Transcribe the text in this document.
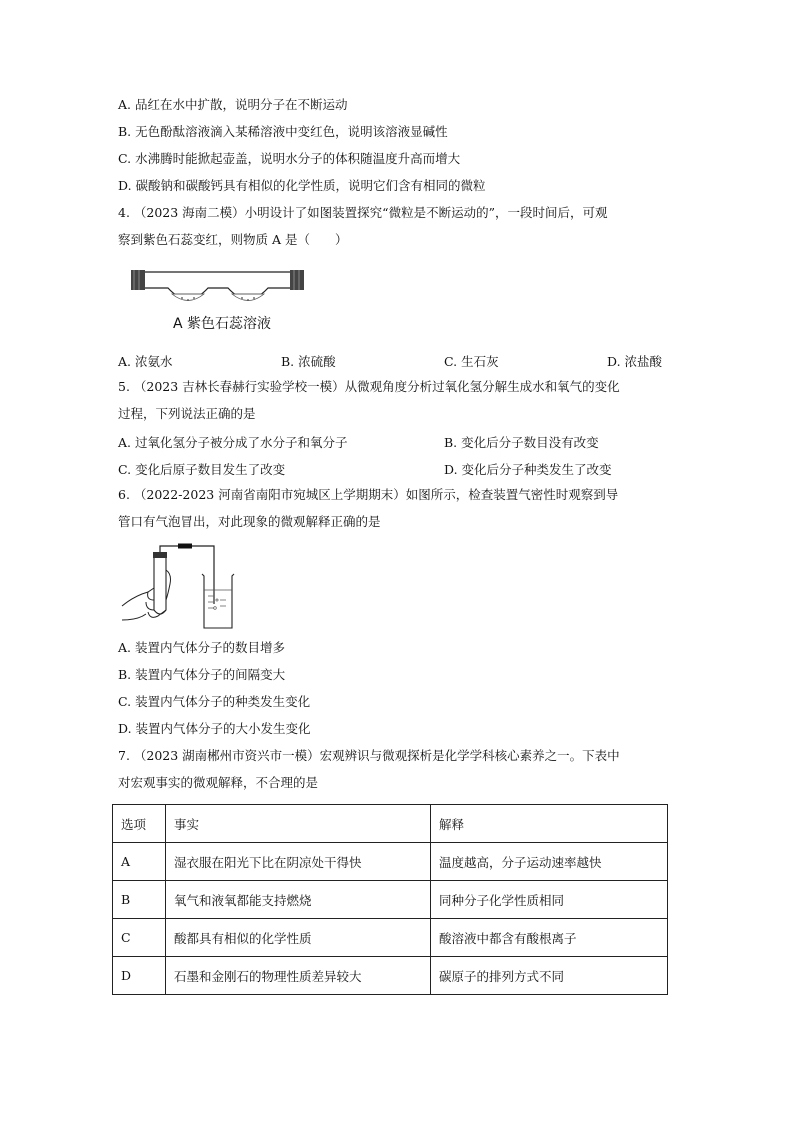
A. 品红在水中扩散，说明分子在不断运动
B. 无色酚酞溶液滴入某稀溶液中变红色，说明该溶液显碱性
C. 水沸腾时能掀起壶盖，说明水分子的体积随温度升高而增大
D. 碳酸钠和碳酸钙具有相似的化学性质，说明它们含有相同的微粒
4. （2023 海南二模）小明设计了如图装置探究“微粒是不断运动的”，一段时间后，可观
察到紫色石蕊变红，则物质 A 是（　　）
A 紫色石蕊溶液
A. 浓氨水	B. 浓硫酸	C. 生石灰	D. 浓盐酸
5. （2023 吉林长春赫行实验学校一模）从微观角度分析过氧化氢分解生成水和氧气的变化
过程，下列说法正确的是
A. 过氧化氢分子被分成了水分子和氧分子	B. 变化后分子数目没有改变
C. 变化后原子数目发生了改变	D. 变化后分子种类发生了改变
6. （2022-2023 河南省南阳市宛城区上学期期末）如图所示，检查装置气密性时观察到导
管口有气泡冒出，对此现象的微观解释正确的是
A. 装置内气体分子的数目增多
B. 装置内气体分子的间隔变大
C. 装置内气体分子的种类发生变化
D. 装置内气体分子的大小发生变化
7. （2023 湖南郴州市资兴市一模）宏观辨识与微观探析是化学学科核心素养之一。下表中
对宏观事实的微观解释，不合理的是
选项	事实	解释
A	湿衣服在阳光下比在阴凉处干得快	温度越高，分子运动速率越快
B	氧气和液氧都能支持燃烧	同种分子化学性质相同
C	酸都具有相似的化学性质	酸溶液中都含有酸根离子
D	石墨和金刚石的物理性质差异较大	碳原子的排列方式不同
